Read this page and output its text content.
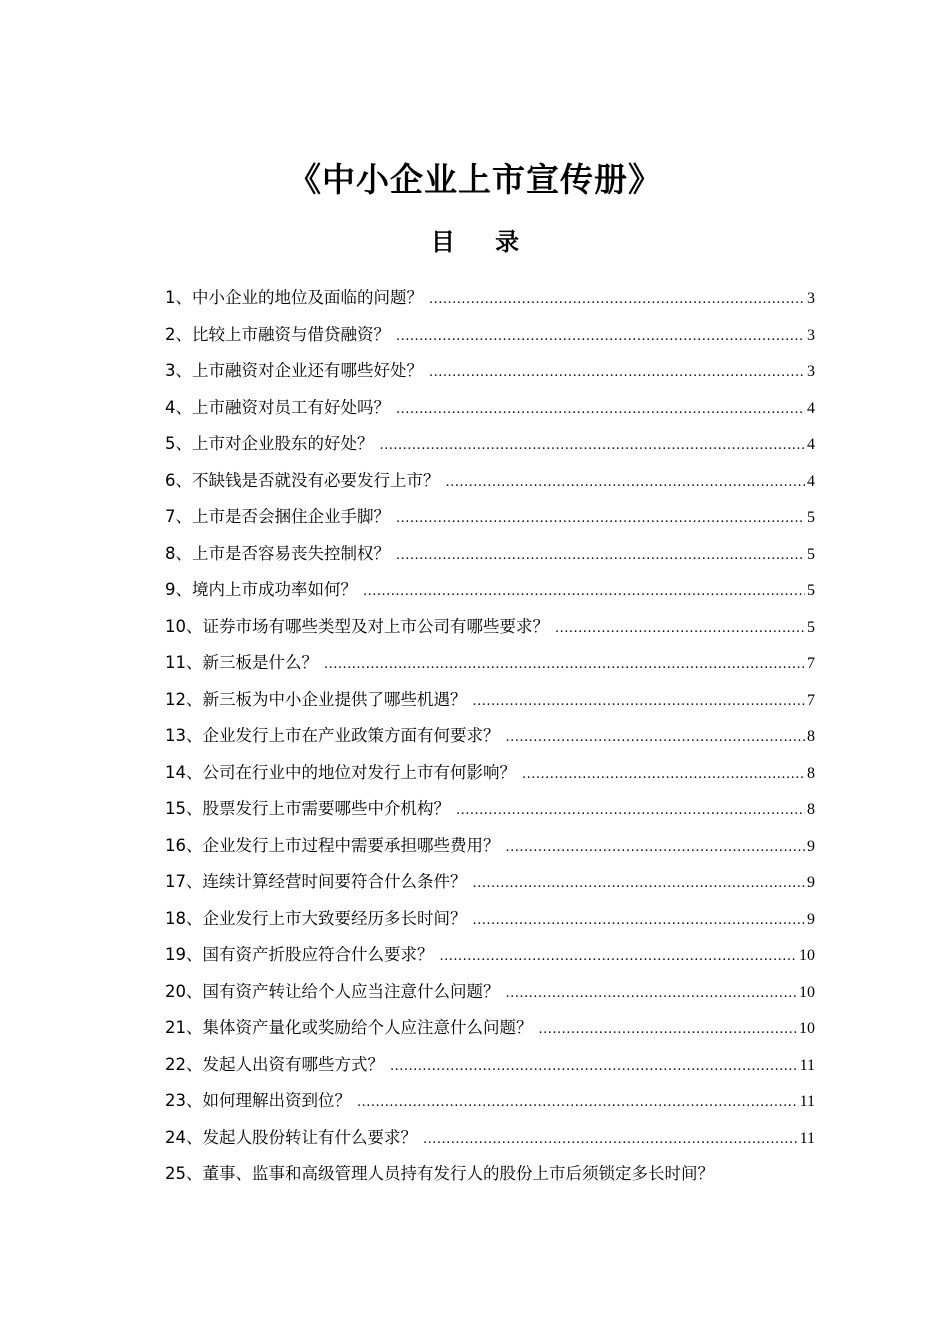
《中小企业上市宣传册》
目 录
1、 中小企业的地位及面临的问题？ .....	3
2、 比较上市融资与借贷融资？ .....	3
3、 上市融资对企业还有哪些好处？ .....	3
4、 上市融资对员工有好处吗？ .....	4
5、 上市对企业股东的好处？ .....	4
6、 不缺钱是否就没有必要发行上市？ .....	4
7、 上市是否会捆住企业手脚？ .....	5
8、 上市是否容易丧失控制权？ .....	5
9、 境内上市成功率如何？ .....	5
10、 证券市场有哪些类型及对上市公司有哪些要求？ .....	5
11、 新三板是什么？ .....	7
12、 新三板为中小企业提供了哪些机遇？ .....	7
13、 企业发行上市在产业政策方面有何要求？ .....	8
14、 公司在行业中的地位对发行上市有何影响？ .....	8
15、 股票发行上市需要哪些中介机构？ .....	8
16、 企业发行上市过程中需要承担哪些费用？ .....	9
17、 连续计算经营时间要符合什么条件？ .....	9
18、 企业发行上市大致要经历多长时间？ .....	9
19、 国有资产折股应符合什么要求？ .....	10
20、 国有资产转让给个人应当注意什么问题？ .....	10
21、 集体资产量化或奖励给个人应注意什么问题？ .....	10
22、 发起人出资有哪些方式？ .....	11
23、 如何理解出资到位？ .....	11
24、 发起人股份转让有什么要求？ .....	11
25、 董事、监事和高级管理人员持有发行人的股份上市后须锁定多长时间？
